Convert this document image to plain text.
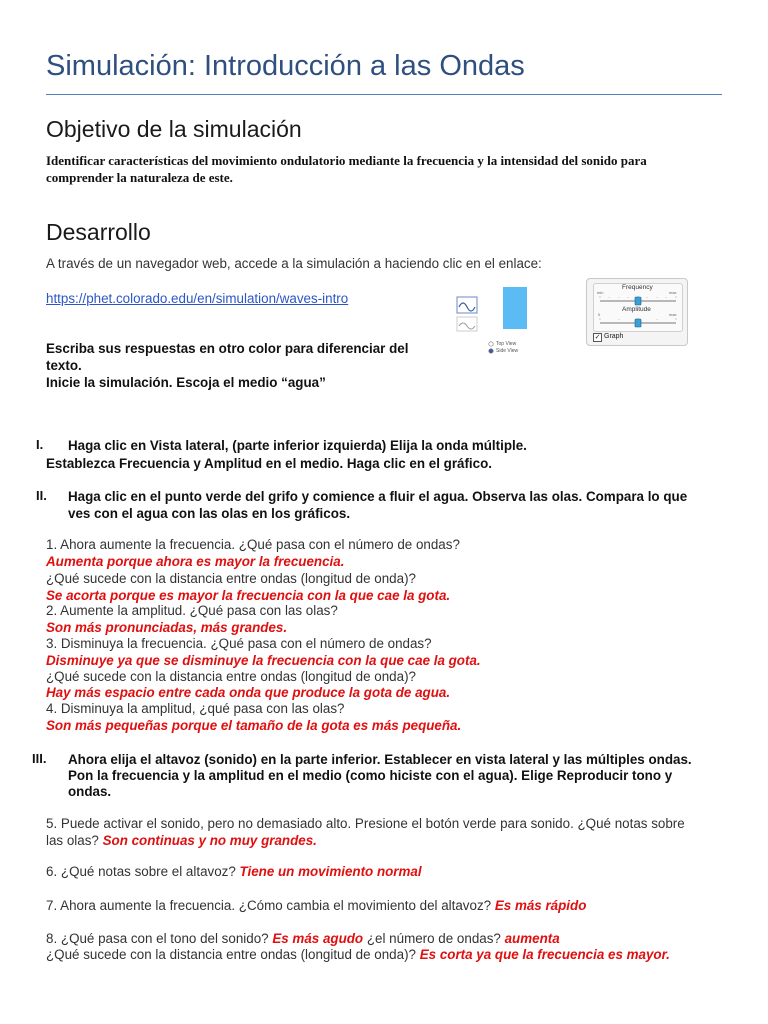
Simulación: Introducción a las Ondas
Objetivo de la simulación
Identificar características del movimiento ondulatorio mediante la frecuencia y la intensidad del sonido para
comprender la naturaleza de este.
Desarrollo
A través de un navegador web, accede a la simulación a haciendo clic en el enlace:
https://phet.colorado.edu/en/simulation/waves-intro
Escriba sus respuestas en otro color para diferenciar del
texto.
Inicie la simulación. Escoja el medio “agua”
Top View
Side View
Frequency
min	max
Amplitude
0	max
✓ Graph
I. Haga clic en Vista lateral, (parte inferior izquierda) Elija la onda múltiple.
Establezca Frecuencia y Amplitud en el medio. Haga clic en el gráfico.
II. Haga clic en el punto verde del grifo y comience a fluir el agua. Observa las olas. Compara lo que
ves con el agua con las olas en los gráficos.
1. Ahora aumente la frecuencia. ¿Qué pasa con el número de ondas?
Aumenta porque ahora es mayor la frecuencia.
¿Qué sucede con la distancia entre ondas (longitud de onda)?
Se acorta porque es mayor la frecuencia con la que cae la gota.
2. Aumente la amplitud. ¿Qué pasa con las olas?
Son más pronunciadas, más grandes.
3. Disminuya la frecuencia. ¿Qué pasa con el número de ondas?
Disminuye ya que se disminuye la frecuencia con la que cae la gota.
¿Qué sucede con la distancia entre ondas (longitud de onda)?
Hay más espacio entre cada onda que produce la gota de agua.
4. Disminuya la amplitud, ¿qué pasa con las olas?
Son más pequeñas porque el tamaño de la gota es más pequeña.
III. Ahora elija el altavoz (sonido) en la parte inferior. Establecer en vista lateral y las múltiples ondas.
Pon la frecuencia y la amplitud en el medio (como hiciste con el agua). Elige Reproducir tono y
ondas.
5. Puede activar el sonido, pero no demasiado alto. Presione el botón verde para sonido. ¿Qué notas sobre
las olas? Son continuas y no muy grandes.
6. ¿Qué notas sobre el altavoz? Tiene un movimiento normal
7. Ahora aumente la frecuencia. ¿Cómo cambia el movimiento del altavoz? Es más rápido
8. ¿Qué pasa con el tono del sonido? Es más agudo ¿el número de ondas? aumenta
¿Qué sucede con la distancia entre ondas (longitud de onda)? Es corta ya que la frecuencia es mayor.
